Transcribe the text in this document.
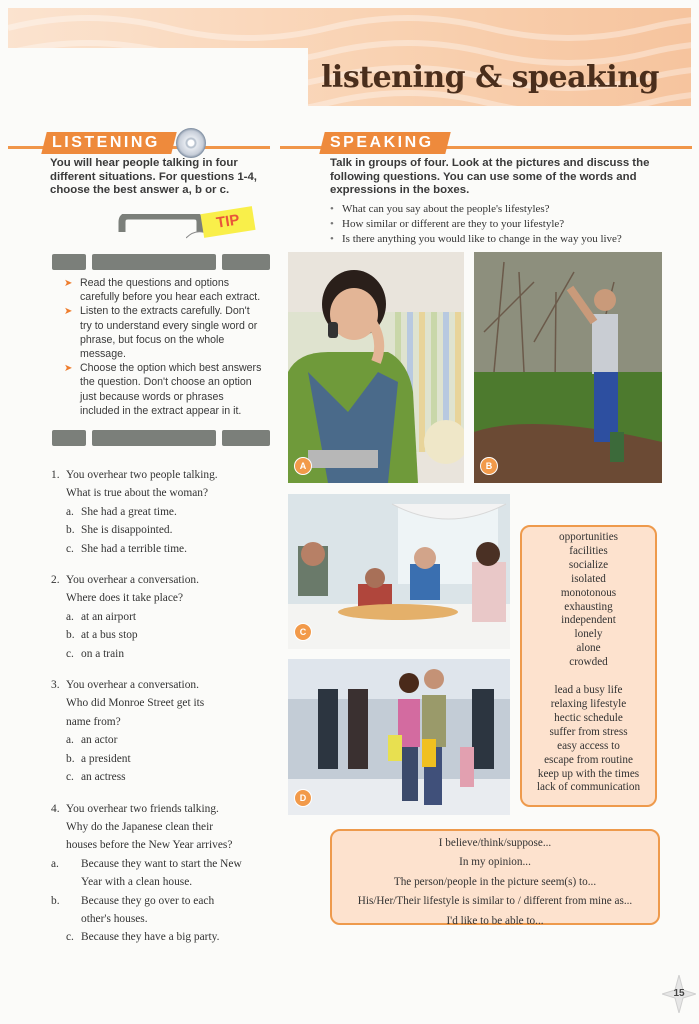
listening & speaking
LISTENING
You will hear people talking in four
different situations. For questions 1-4,
choose the best answer a, b or c.
TIP
➤ Read the questions and options carefully before you hear each extract.
➤ Listen to the extracts carefully. Don't try to understand every single word or phrase, but focus on the whole message.
➤ Choose the option which best answers the question. Don't choose an option just because words or phrases included in the extract appear in it.
1. You overhear two people talking.
What is true about the woman?
a. She had a great time.
b. She is disappointed.
c. She had a terrible time.
2. You overhear a conversation.
Where does it take place?
a. at an airport
b. at a bus stop
c. on a train
3. You overhear a conversation.
Who did Monroe Street get its
name from?
a. an actor
b. a president
c. an actress
4. You overhear two friends talking.
Why do the Japanese clean their
houses before the New Year arrives?
a. Because they want to start the New Year with a clean house.
b. Because they go over to each other's houses.
c. Because they have a big party.
SPEAKING
Talk in groups of four. Look at the pictures and discuss the
following questions. You can use some of the words and
expressions in the boxes.
• What can you say about the people's lifestyles?
• How similar or different are they to your lifestyle?
• Is there anything you would like to change in the way you live?
A	B
C
D
opportunities
facilities
socialize
isolated
monotonous
exhausting
independent
lonely
alone
crowded
lead a busy life
relaxing lifestyle
hectic schedule
suffer from stress
easy access to
escape from routine
keep up with the times
lack of communication
I believe/think/suppose...
In my opinion...
The person/people in the picture seem(s) to...
His/Her/Their lifestyle is similar to / different from mine as...
I'd like to be able to...
15
